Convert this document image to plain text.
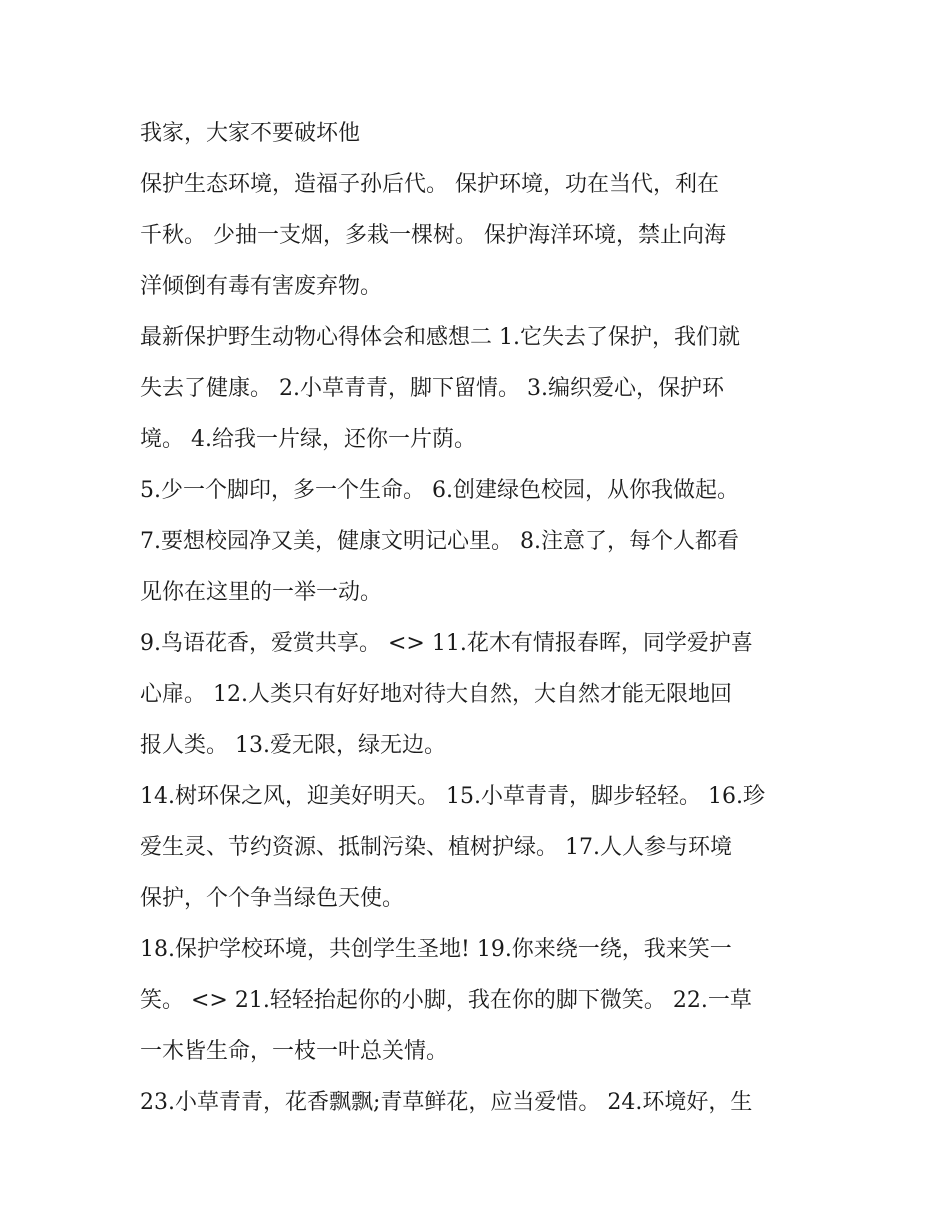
我家，大家不要破坏他
保护生态环境，造福子孙后代。 保护环境，功在当代，利在
千秋。 少抽一支烟，多栽一棵树。 保护海洋环境，禁止向海
洋倾倒有毒有害废弃物。
最新保护野生动物心得体会和感想二 1.它失去了保护，我们就
失去了健康。 2.小草青青，脚下留情。 3.编织爱心，保护环
境。 4.给我一片绿，还你一片荫。
5.少一个脚印，多一个生命。 6.创建绿色校园，从你我做起。
7.要想校园净又美，健康文明记心里。 8.注意了，每个人都看
见你在这里的一举一动。
9.鸟语花香，爱赏共享。 <> 11.花木有情报春晖，同学爱护喜
心扉。 12.人类只有好好地对待大自然，大自然才能无限地回
报人类。 13.爱无限，绿无边。
14.树环保之风，迎美好明天。 15.小草青青，脚步轻轻。 16.珍
爱生灵、节约资源、抵制污染、植树护绿。 17.人人参与环境
保护，个个争当绿色天使。
18.保护学校环境，共创学生圣地! 19.你来绕一绕，我来笑一
笑。 <> 21.轻轻抬起你的小脚，我在你的脚下微笑。 22.一草
一木皆生命，一枝一叶总关情。
23.小草青青，花香飘飘;青草鲜花，应当爱惜。 24.环境好，生
